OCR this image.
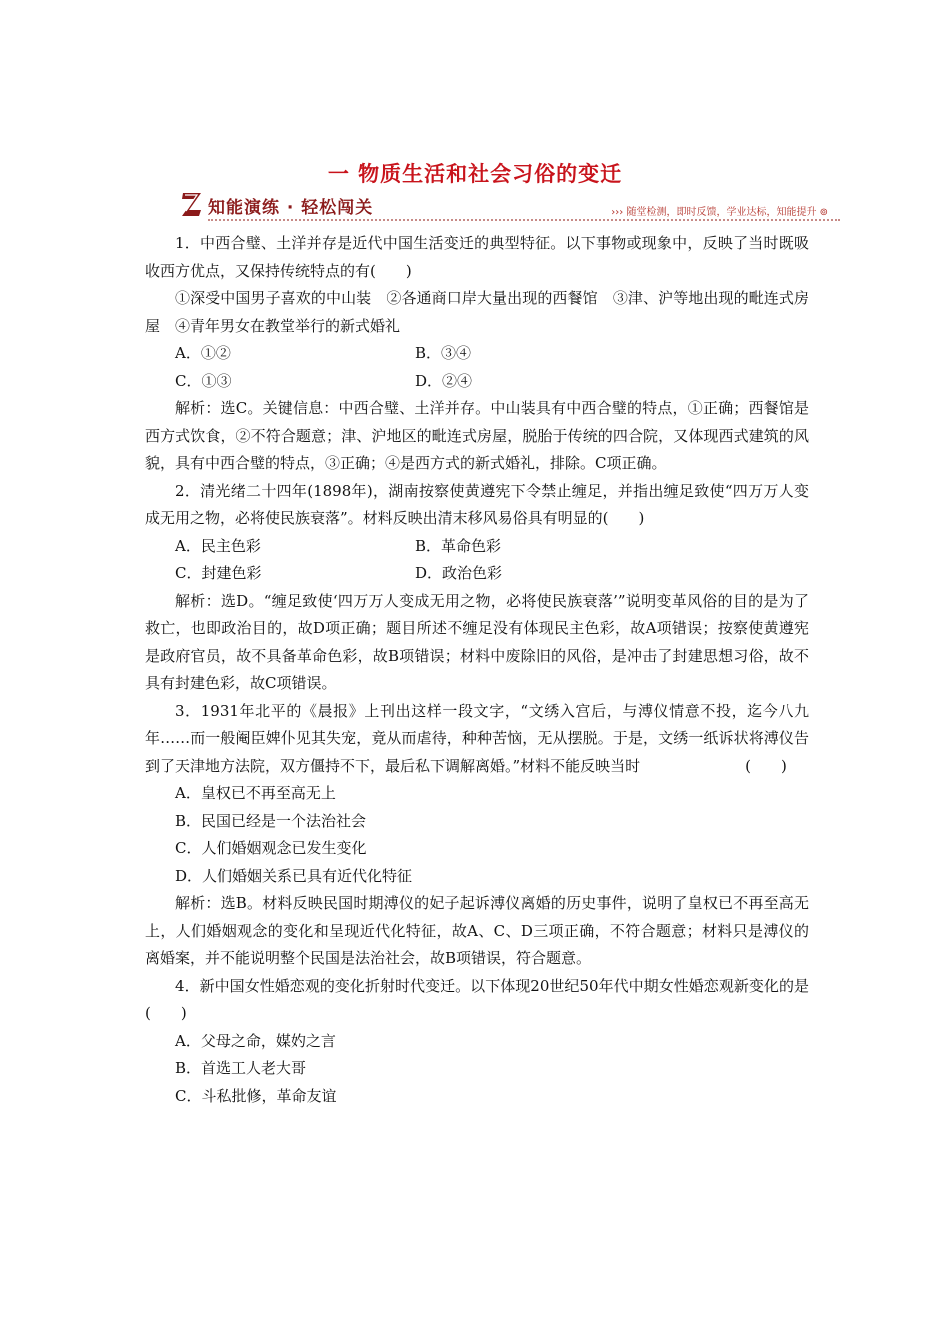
一 物质生活和社会习俗的变迁
知能演练 · 轻松闯关	››› 随堂检测，即时反馈，学业达标，知能提升 ⊚

1．中西合璧、土洋并存是近代中国生活变迁的典型特征。以下事物或现象中，反映了当时既吸收西方优点，又保持传统特点的有(　　)

①深受中国男子喜欢的中山装　②各通商口岸大量出现的西餐馆　③津、沪等地出现的毗连式房屋　④青年男女在教堂举行的新式婚礼

A．①②	B．③④
C．①③	D．②④

解析：选C。关键信息：中西合璧、土洋并存。中山装具有中西合璧的特点，①正确；西餐馆是西方式饮食，②不符合题意；津、沪地区的毗连式房屋，脱胎于传统的四合院，又体现西式建筑的风貌，具有中西合璧的特点，③正确；④是西方式的新式婚礼，排除。C项正确。

2．清光绪二十四年(1898年)，湖南按察使黄遵宪下令禁止缠足，并指出缠足致使“四万万人变成无用之物，必将使民族衰落”。材料反映出清末移风易俗具有明显的(　　)

A．民主色彩	B．革命色彩
C．封建色彩	D．政治色彩

解析：选D。“缠足致使‘四万万人变成无用之物，必将使民族衰落’”说明变革风俗的目的是为了救亡，也即政治目的，故D项正确；题目所述不缠足没有体现民主色彩，故A项错误；按察使黄遵宪是政府官员，故不具备革命色彩，故B项错误；材料中废除旧的风俗，是冲击了封建思想习俗，故不具有封建色彩，故C项错误。

3．1931年北平的《晨报》上刊出这样一段文字，“文绣入宫后，与溥仪情意不投，迄今八九年……而一般阉臣婢仆见其失宠，竟从而虐待，种种苦恼，无从摆脱。于是，文绣一纸诉状将溥仪告到了天津地方法院，双方僵持不下，最后私下调解离婚。”材料不能反映当时　　　　　　　(　　)

A．皇权已不再至高无上

B．民国已经是一个法治社会

C．人们婚姻观念已发生变化

D．人们婚姻关系已具有近代化特征

解析：选B。材料反映民国时期溥仪的妃子起诉溥仪离婚的历史事件，说明了皇权已不再至高无上，人们婚姻观念的变化和呈现近代化特征，故A、C、D三项正确，不符合题意；材料只是溥仪的离婚案，并不能说明整个民国是法治社会，故B项错误，符合题意。

4．新中国女性婚恋观的变化折射时代变迁。以下体现20世纪50年代中期女性婚恋观新变化的是　　　　(　　)

A．父母之命，媒妁之言

B．首选工人老大哥

C．斗私批修，革命友谊
